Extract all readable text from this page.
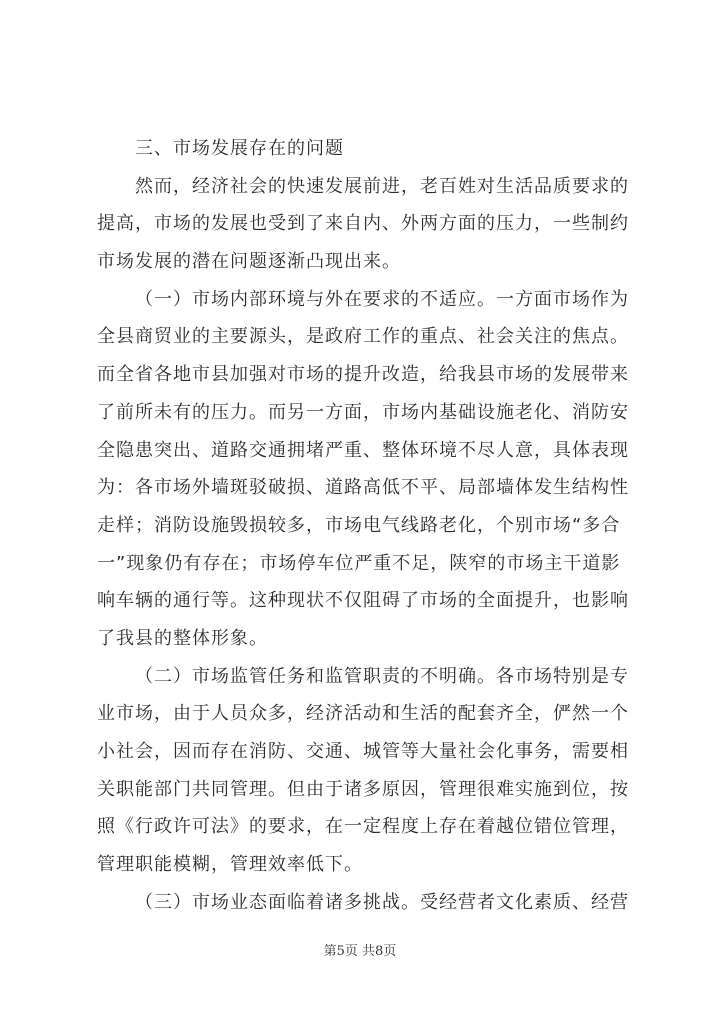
三、市场发展存在的问题
然而，经济社会的快速发展前进，老百姓对生活品质要求的
提高，市场的发展也受到了来自内、外两方面的压力，一些制约
市场发展的潜在问题逐渐凸现出来。
（一）市场内部环境与外在要求的不适应。一方面市场作为
全县商贸业的主要源头，是政府工作的重点、社会关注的焦点。
而全省各地市县加强对市场的提升改造，给我县市场的发展带来
了前所未有的压力。而另一方面，市场内基础设施老化、消防安
全隐患突出、道路交通拥堵严重、整体环境不尽人意，具体表现
为：各市场外墙斑驳破损、道路高低不平、局部墙体发生结构性
走样；消防设施毁损较多，市场电气线路老化，个别市场“多合
一”现象仍有存在；市场停车位严重不足，陕窄的市场主干道影
响车辆的通行等。这种现状不仅阻碍了市场的全面提升，也影响
了我县的整体形象。
（二）市场监管任务和监管职责的不明确。各市场特别是专
业市场，由于人员众多，经济活动和生活的配套齐全，俨然一个
小社会，因而存在消防、交通、城管等大量社会化事务，需要相
关职能部门共同管理。但由于诸多原因，管理很难实施到位，按
照《行政许可法》的要求，在一定程度上存在着越位错位管理，
管理职能模糊，管理效率低下。
（三）市场业态面临着诸多挑战。受经营者文化素质、经营
第5页 共8页
